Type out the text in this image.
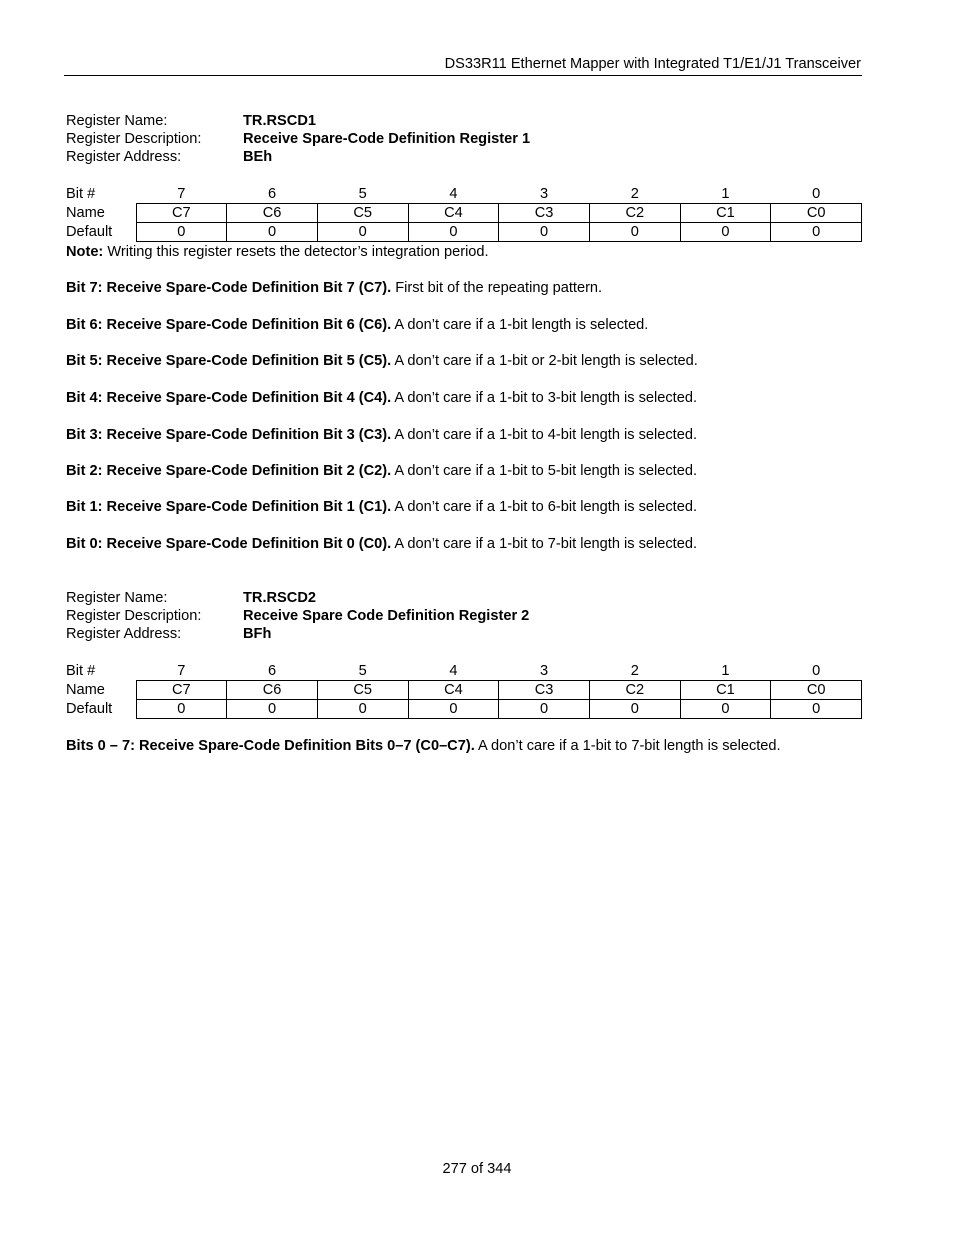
DS33R11 Ethernet Mapper with Integrated T1/E1/J1 Transceiver
Register Name:	TR.RSCD1
Register Description:	Receive Spare-Code Definition Register 1
Register Address:	BEh
Bit #	7	6	5	4	3	2	1	0
Name	C7	C6	C5	C4	C3	C2	C1	C0
Default	0	0	0	0	0	0	0	0
Note: Writing this register resets the detector’s integration period.
Bit 7: Receive Spare-Code Definition Bit 7 (C7). First bit of the repeating pattern.
Bit 6: Receive Spare-Code Definition Bit 6 (C6). A don’t care if a 1-bit length is selected.
Bit 5: Receive Spare-Code Definition Bit 5 (C5). A don’t care if a 1-bit or 2-bit length is selected.
Bit 4: Receive Spare-Code Definition Bit 4 (C4). A don’t care if a 1-bit to 3-bit length is selected.
Bit 3: Receive Spare-Code Definition Bit 3 (C3). A don’t care if a 1-bit to 4-bit length is selected.
Bit 2: Receive Spare-Code Definition Bit 2 (C2). A don’t care if a 1-bit to 5-bit length is selected.
Bit 1: Receive Spare-Code Definition Bit 1 (C1). A don’t care if a 1-bit to 6-bit length is selected.
Bit 0: Receive Spare-Code Definition Bit 0 (C0). A don’t care if a 1-bit to 7-bit length is selected.
Register Name:	TR.RSCD2
Register Description:	Receive Spare Code Definition Register 2
Register Address:	BFh
Bit #	7	6	5	4	3	2	1	0
Name	C7	C6	C5	C4	C3	C2	C1	C0
Default	0	0	0	0	0	0	0	0
Bits 0 – 7: Receive Spare-Code Definition Bits 0–7 (C0–C7). A don’t care if a 1-bit to 7-bit length is selected.
277 of 344
